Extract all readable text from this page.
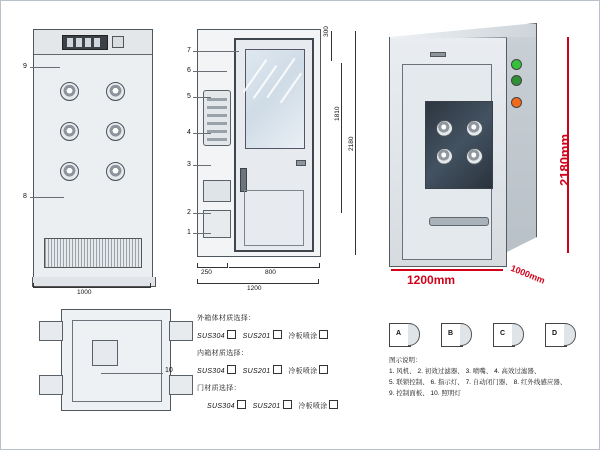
9
8
1000
7
6
5
4
3
2
1
300
1810
2180
250	800
1200
2180mm
1200mm	1000mm
10
外箱体材质选择：
SUS304	SUS201	冷板喷涂
内箱材质选择：
SUS304	SUS201	冷板喷涂
门材质选择：
SUS304	SUS201	冷板喷涂
A	B	C	D
图示说明：
1. 风机、 2. 初效过滤器、 3. 喷嘴、 4. 高效过滤器、
5. 联锁控制、 6. 指示灯、 7. 自动闭门器、 8. 红外线感应器、
9. 控制面板、 10. 照明灯
